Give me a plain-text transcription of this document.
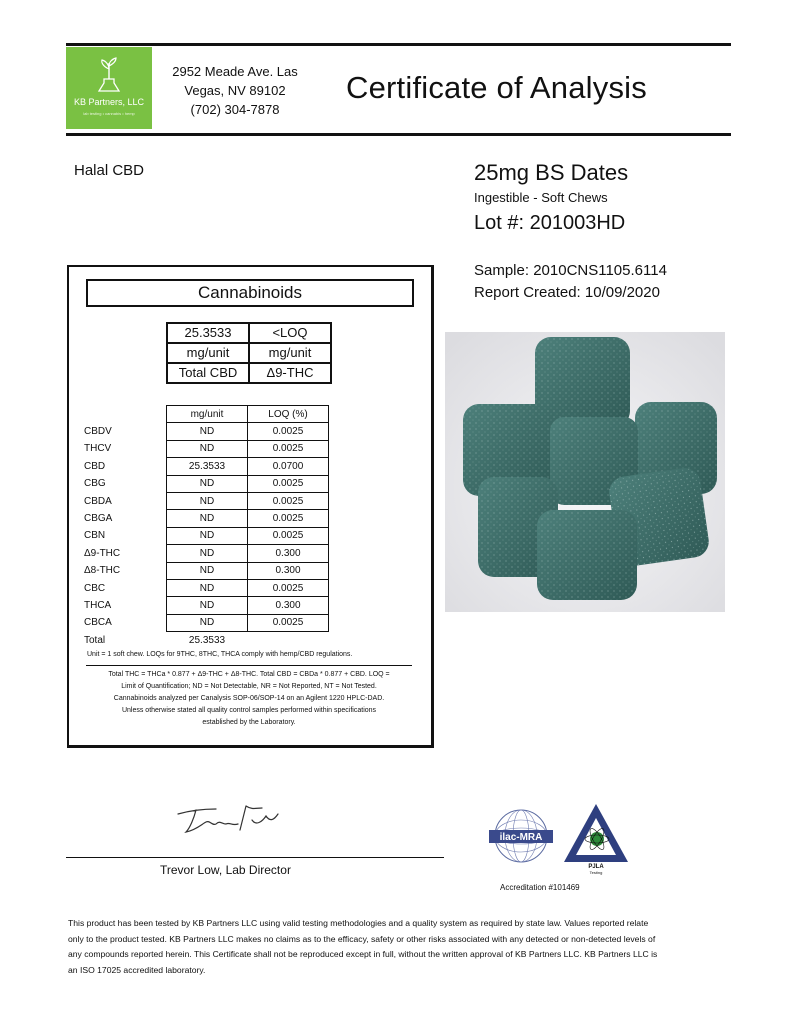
KB Partners, LLC
lab testing • cannabis • hemp
2952 Meade Ave. Las
Vegas, NV 89102
(702) 304-7878
Certificate of Analysis
Halal CBD	25mg BS Dates
Ingestible - Soft Chews
Lot #: 201003HD
Sample: 2010CNS1105.6114
Report Created: 10/09/2020
Cannabinoids
25.3533	<LOQ
mg/unit	mg/unit
Total CBD	Δ9-THC
	mg/unit	LOQ (%)
CBDV	ND	0.0025
THCV	ND	0.0025
CBD	25.3533	0.0700
CBG	ND	0.0025
CBDA	ND	0.0025
CBGA	ND	0.0025
CBN	ND	0.0025
Δ9-THC	ND	0.300
Δ8-THC	ND	0.300
CBC	ND	0.0025
THCA	ND	0.300
CBCA	ND	0.0025
Total	25.3533	
Unit = 1 soft chew. LOQs for 9THC, 8THC, THCA comply with hemp/CBD regulations.
Total THC = THCa * 0.877 + Δ9-THC + Δ8-THC. Total CBD = CBDa * 0.877 + CBD. LOQ =
Limit of Quantification; ND = Not Detectable, NR = Not Reported, NT = Not Tested.
Cannabinoids analyzed per Canalysis SOP-06/SOP-14 on an Agilent 1220 HPLC-DAD.
Unless otherwise stated all quality control samples performed within specifications
established by the Laboratory.
Trevor Low, Lab Director
ilac-MRA
PJLA
Testing
Accreditation #101469
This product has been tested by KB Partners LLC using valid testing methodologies and a quality system as required by state law. Values reported relate
only to the product tested. KB Partners LLC makes no claims as to the efficacy, safety or other risks associated with any detected or non-detected levels of
any compounds reported herein. This Certificate shall not be reproduced except in full, without the written approval of KB Partners LLC. KB Partners LLC is
an ISO 17025 accredited laboratory.
